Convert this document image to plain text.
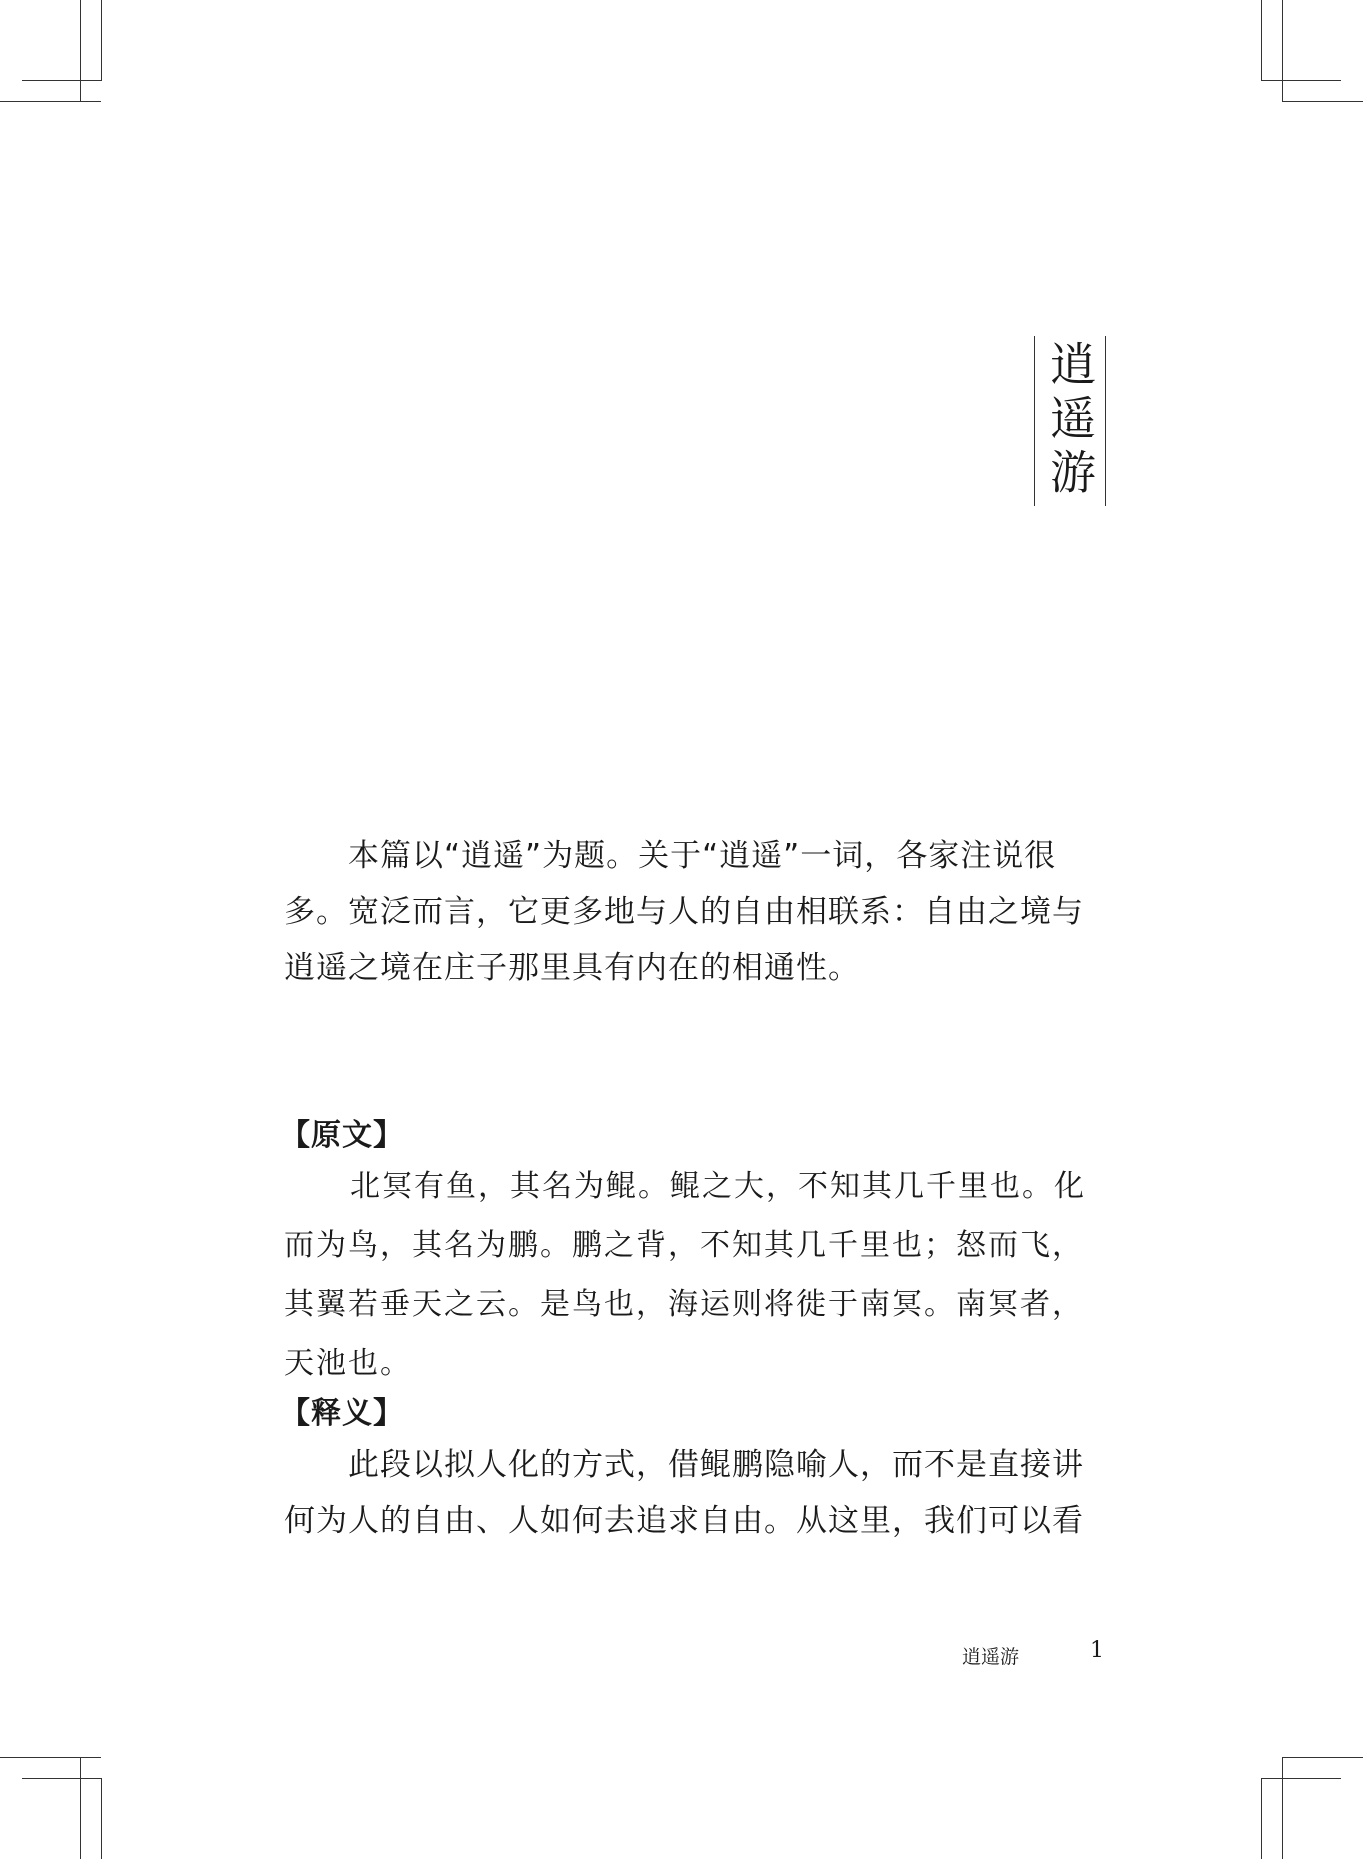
逍遥游

本篇以“逍遥”为题。关于“逍遥”一词，各家注说很多。宽泛而言，它更多地与人的自由相联系：自由之境与逍遥之境在庄子那里具有内在的相通性。

【原文】

北冥有鱼，其名为鲲。鲲之大，不知其几千里也。化而为鸟，其名为鹏。鹏之背，不知其几千里也；怒而飞，其翼若垂天之云。是鸟也，海运则将徙于南冥。南冥者，天池也。

【释义】

此段以拟人化的方式，借鲲鹏隐喻人，而不是直接讲何为人的自由、人如何去追求自由。从这里，我们可以看

逍遥游	1
